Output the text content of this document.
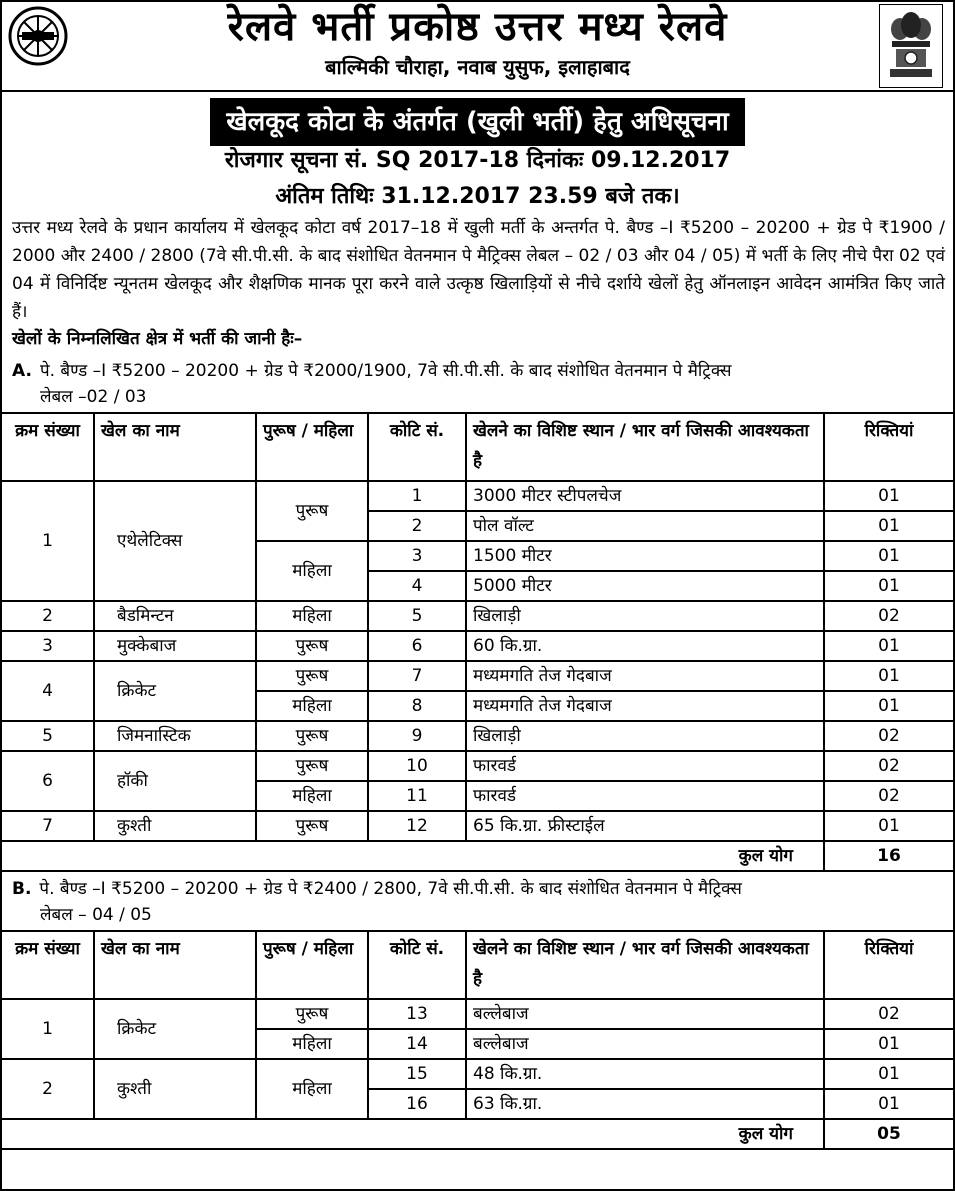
रेलवे भर्ती प्रकोष्ठ उत्तर मध्य रेलवे
बाल्मिकी चौराहा, नवाब युसुफ, इलाहाबाद
खेलकूद कोटा के अंतर्गत (खुली भर्ती) हेतु अधिसूचना
रोजगार सूचना सं. SQ 2017-18 दिनांकः 09.12.2017
अंतिम तिथिः 31.12.2017 23.59 बजे तक।
उत्तर मध्य रेलवे के प्रधान कार्यालय में खेलकूद कोटा वर्ष 2017–18 में खुली मर्ती के अन्तर्गत पे. बैण्ड –I ₹5200 – 20200 + ग्रेड पे ₹1900 / 2000 और 2400 / 2800 (7वे सी.पी.सी. के बाद संशोधित वेतनमान पे मैट्रिक्स लेबल – 02 / 03 और 04 / 05) में भर्ती के लिए नीचे पैरा 02 एवं 04 में विनिर्दिष्ट न्यूनतम खेलकूद और शैक्षणिक मानक पूरा करने वाले उत्कृष्ठ खिलाड़ियों से नीचे दर्शाये खेलों हेतु ऑनलाइन आवेदन आमंत्रित किए जाते हैं।
खेलों के निम्नलिखित क्षेत्र में भर्ती की जानी हैः–
A. पे. बैण्ड –I ₹5200 – 20200 + ग्रेड पे ₹2000/1900, 7वे सी.पी.सी. के बाद संशोधित वेतनमान पे मैट्रिक्स
लेबल –02 / 03
क्रम संख्या	खेल का नाम	पुरूष / महिला	कोटि सं.	खेलने का विशिष्ट स्थान / भार वर्ग जिसकी आवश्यकता है	रिक्तियां
1	एथेलेटिक्स	पुरूष	1	3000 मीटर स्टीपलचेज	01
			2	पोल वॉल्ट	01
		महिला	3	1500 मीटर	01
			4	5000 मीटर	01
2	बैडमिन्टन	महिला	5	खिलाड़ी	02
3	मुक्केबाज	पुरूष	6	60 कि.ग्रा.	01
4	क्रिकेट	पुरूष	7	मध्यमगति तेज गेदबाज	01
		महिला	8	मध्यमगति तेज गेदबाज	01
5	जिमनास्टिक	पुरूष	9	खिलाड़ी	02
6	हॉकी	पुरूष	10	फारवर्ड	02
		महिला	11	फारवर्ड	02
7	कुश्ती	पुरूष	12	65 कि.ग्रा. फ्रीस्टाईल	01
कुल योग					16
B. पे. बैण्ड –I ₹5200 – 20200 + ग्रेड पे ₹2400 / 2800, 7वे सी.पी.सी. के बाद संशोधित वेतनमान पे मैट्रिक्स
लेबल – 04 / 05
क्रम संख्या	खेल का नाम	पुरूष / महिला	कोटि सं.	खेलने का विशिष्ट स्थान / भार वर्ग जिसकी आवश्यकता है	रिक्तियां
1	क्रिकेट	पुरूष	13	बल्लेबाज	02
		महिला	14	बल्लेबाज	01
2	कुश्ती	महिला	15	48 कि.ग्रा.	01
			16	63 कि.ग्रा.	01
कुल योग					05
